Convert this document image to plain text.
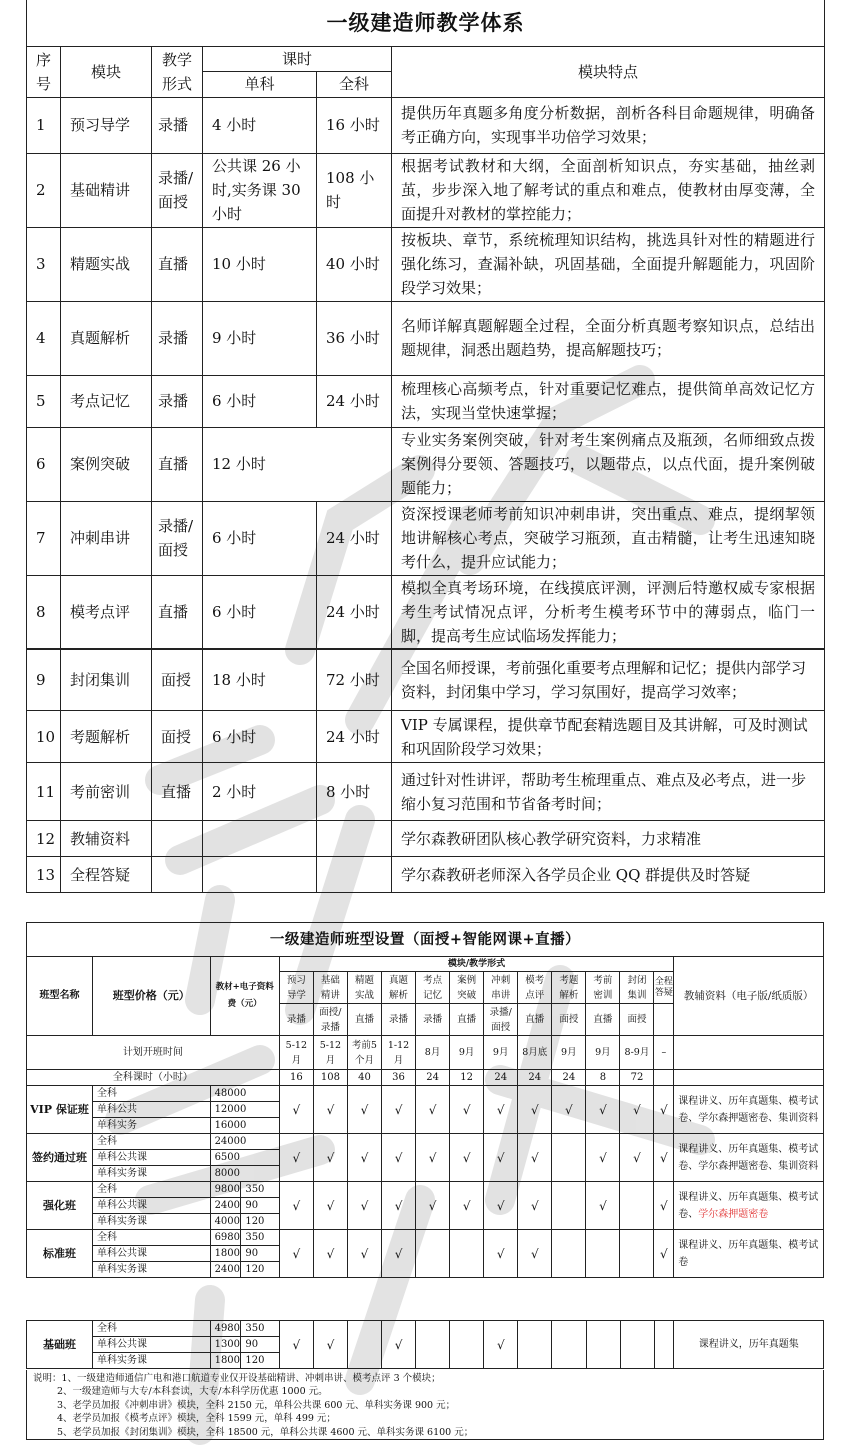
一级建造师教学体系					
序号	模块	教学形式	课时		模块特点
			单科	全科	
1	预习导学	录播	4 小时	16 小时	提供历年真题多角度分析数据，剖析各科目命题规律，明确备考正确方向，实现事半功倍学习效果；
2	基础精讲	录播/面授	公共课 26 小时,实务课 30 小时	108 小时	根据考试教材和大纲，全面剖析知识点，夯实基础，抽丝剥茧，步步深入地了解考试的重点和难点，使教材由厚变薄，全面提升对教材的掌控能力；
3	精题实战	直播	10 小时	40 小时	按板块、章节，系统梳理知识结构，挑选具针对性的精题进行强化练习，查漏补缺，巩固基础，全面提升解题能力，巩固阶段学习效果；
4	真题解析	录播	9 小时	36 小时	名师详解真题解题全过程，全面分析真题考察知识点，总结出题规律，洞悉出题趋势，提高解题技巧；
5	考点记忆	录播	6 小时	24 小时	梳理核心高频考点，针对重要记忆难点，提供简单高效记忆方法，实现当堂快速掌握；
6	案例突破	直播	12 小时		专业实务案例突破，针对考生案例痛点及瓶颈，名师细致点拨案例得分要领、答题技巧，以题带点，以点代面，提升案例破题能力；
7	冲刺串讲	录播/面授	6 小时	24 小时	资深授课老师考前知识冲刺串讲，突出重点、难点，提纲挈领地讲解核心考点，突破学习瓶颈，直击精髓，让考生迅速知晓考什么，提升应试能力；
8	模考点评	直播	6 小时	24 小时	模拟全真考场环境，在线摸底评测，评测后特邀权威专家根据考生考试情况点评，分析考生模考环节中的薄弱点，临门一脚，提高考生应试临场发挥能力；
9	封闭集训	面授	18 小时	72 小时	全国名师授课，考前强化重要考点理解和记忆；提供内部学习资料，封闭集中学习，学习氛围好，提高学习效率；
10	考题解析	面授	6 小时	24 小时	VIP 专属课程，提供章节配套精选题目及其讲解，可及时测试和巩固阶段学习效果；
11	考前密训	直播	2 小时	8 小时	通过针对性讲评，帮助考生梳理重点、难点及必考点，进一步缩小复习范围和节省备考时间；
12	教辅资料				学尔森教研团队核心教学研究资料，力求精准
13	全程答疑				学尔森教研老师深入各学员企业 QQ 群提供及时答疑
一级建造师班型设置（面授+智能网课+直播）																
班型名称	班型价格（元）	教材+电子资料费（元）		模块/教学形式												教辅资料（电子版/纸质版）
				预习导学	基础精讲	精题实战	真题解析	考点记忆	案例突破	冲刺串讲	模考点评	考题解析	考前密训	封闭集训	全程答疑	
				录播	面授/录播	直播	录播	录播	直播	录播/面授	直播	面授	直播	面授		
计划开班时间				5-12月	5-12月	考前5个月	1-12月	8月	9月	9月	8月底	9月	9月	8-9月	–	
全科课时（小时）				16	108	40	36	24	12	24	24	24	8	72		
VIP 保证班	全科	48000		√	√	√	√	√	√	√	√	√	√	√	√	课程讲义、历年真题集、模考试卷、学尔森押题密卷、集训资料
	单科公共	12000														
	单科实务	16000														
签约通过班	全科	24000		√	√	√	√	√	√	√	√		√	√	√	课程讲义、历年真题集、模考试卷、学尔森押题密卷、集训资料
	单科公共课	6500														
	单科实务课	8000														
强化班	全科	9800	350	√	√	√	√	√	√	√	√		√		√	课程讲义、历年真题集、模考试卷、学尔森押题密卷
	单科公共课	2400	90													
	单科实务课	4000	120													
标准班	全科	6980	350	√	√	√	√			√	√				√	课程讲义、历年真题集、模考试卷
	单科公共课	1800	90													
	单科实务课	2400	120													
基础班	全科	4980	350	√	√		√			√						课程讲义，历年真题集
	单科公共课	1300	90													
	单科实务课	1800	120													
说明：1、一级建造师通信广电和港口航道专业仅开设基础精讲、冲刺串讲、模考点评 3 个模块；
2、一级建造师与大专/本科套读，大专/本科学历优惠 1000 元。
3、老学员加报《冲刺串讲》模块，全科 2150 元，单科公共课 600 元、单科实务课 900 元；
4、老学员加报《模考点评》模块，全科 1599 元，单科 499 元；
5、老学员加报《封闭集训》模块，全科 18500 元，单科公共课 4600 元、单科实务课 6100 元；
